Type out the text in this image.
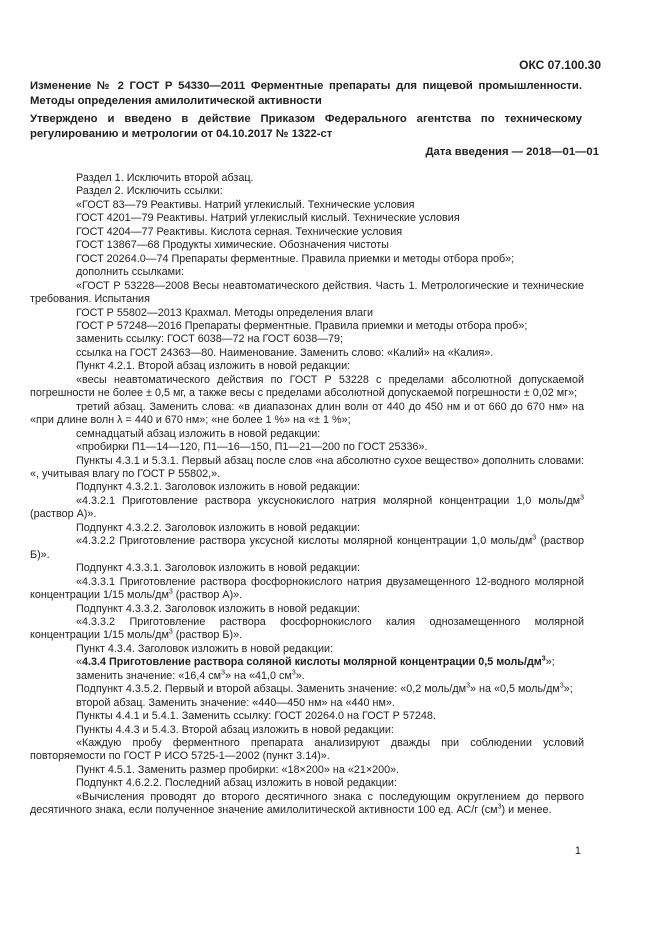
ОКС 07.100.30
Изменение № 2 ГОСТ Р 54330—2011 Ферментные препараты для пищевой промышленности. Методы определения амилолитической активности
Утверждено и введено в действие Приказом Федерального агентства по техническому регулированию и метрологии от 04.10.2017 № 1322-ст
Дата введения — 2018—01—01

Раздел 1. Исключить второй абзац.

Раздел 2. Исключить ссылки:

«ГОСТ 83—79 Реактивы. Натрий углекислый. Технические условия

ГОСТ 4201—79 Реактивы. Натрий углекислый кислый. Технические условия

ГОСТ 4204—77 Реактивы. Кислота серная. Технические условия

ГОСТ 13867—68 Продукты химические. Обозначения чистоты

ГОСТ 20264.0—74 Препараты ферментные. Правила приемки и методы отбора проб»;

дополнить ссылками:

«ГОСТ Р 53228—2008 Весы неавтоматического действия. Часть 1. Метрологические и технические требования. Испытания

ГОСТ Р 55802—2013 Крахмал. Методы определения влаги

ГОСТ Р 57248—2016 Препараты ферментные. Правила приемки и методы отбора проб»;

заменить ссылку: ГОСТ 6038—72 на ГОСТ 6038—79;

ссылка на ГОСТ 24363—80. Наименование. Заменить слово: «Калий» на «Калия».

Пункт 4.2.1. Второй абзац изложить в новой редакции:

«весы неавтоматического действия по ГОСТ Р 53228 с пределами абсолютной допускаемой погрешности не более ± 0,5 мг, а также весы с пределами абсолютной допускаемой погрешности ± 0,02 мг»;

третий абзац. Заменить слова: «в диапазонах длин волн от 440 до 450 нм и от 660 до 670 нм» на «при длине волн λ = 440 и 670 нм»; «не более 1 %» на «± 1 %»;

семнадцатый абзац изложить в новой редакции:

«пробирки П1—14—120, П1—16—150, П1—21—200 по ГОСТ 25336».

Пункты 4.3.1 и 5.3.1. Первый абзац после слов «на абсолютно сухое вещество» дополнить словами: «, учитывая влагу по ГОСТ Р 55802,».

Подпункт 4.3.2.1. Заголовок изложить в новой редакции:

«4.3.2.1 Приготовление раствора уксуснокислого натрия молярной концентрации 1,0 моль/$дм^3$ (раствор А)».

Подпункт 4.3.2.2. Заголовок изложить в новой редакции:

«4.3.2.2 Приготовление раствора уксусной кислоты молярной концентрации 1,0 моль/$дм^3$ (раствор Б)».

Подпункт 4.3.3.1. Заголовок изложить в новой редакции:

«4.3.3.1 Приготовление раствора фосфорнокислого натрия двузамещенного 12-водного молярной концентрации 1/15 моль/$дм^3$ (раствор А)».

Подпункт 4.3.3.2. Заголовок изложить в новой редакции:

«4.3.3.2 Приготовление раствора фосфорнокислого калия однозамещенного молярной концентрации 1/15 моль/$дм^3$ (раствор Б)».

Пункт 4.3.4. Заголовок изложить в новой редакции:

«4.3.4 Приготовление раствора соляной кислоты молярной концентрации 0,5 моль/$дм^3$»;

заменить значение: «16,4 $см^3$» на «41,0 $см^3$».

Подпункт 4.3.5.2. Первый и второй абзацы. Заменить значение: «0,2 моль/$дм^3$» на «0,5 моль/$дм^3$»;

второй абзац. Заменить значение: «440—450 нм» на «440 нм».

Пункты 4.4.1 и 5.4.1. Заменить ссылку: ГОСТ 20264.0 на ГОСТ Р 57248.

Пункты 4.4.3 и 5.4.3. Второй абзац изложить в новой редакции:

«Каждую пробу ферментного препарата анализируют дважды при соблюдении условий повторяемости по ГОСТ Р ИСО 5725-1—2002 (пункт 3.14)».

Пункт 4.5.1. Заменить размер пробирки: «18×200» на «21×200».

Подпункт 4.6.2.2. Последний абзац изложить в новой редакции:

«Вычисления проводят до второго десятичного знака с последующим округлением до первого десятичного знака, если полученное значение амилолитической активности 100 ед. АС/г $(см^3)$ и менее.

1
